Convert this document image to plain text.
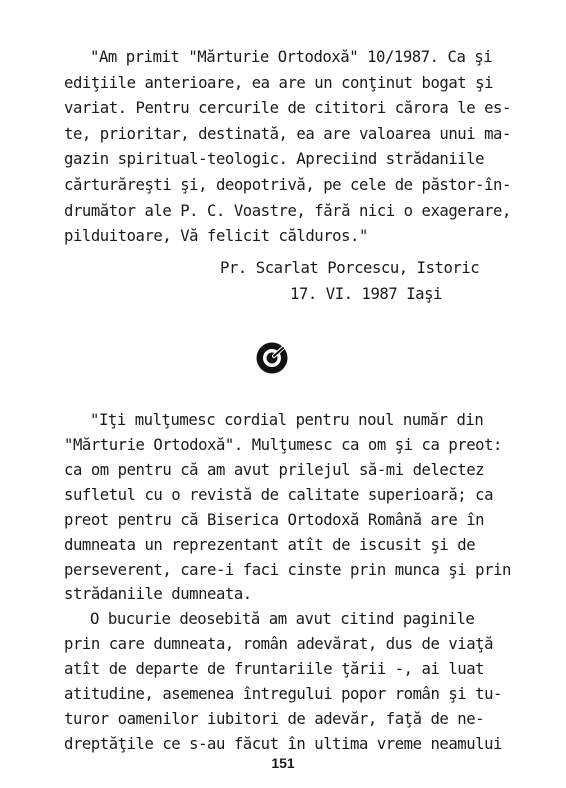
"Am primit "Mărturie Ortodoxă" 10/1987. Ca şi
ediţiile anterioare, ea are un conţinut bogat şi
variat. Pentru cercurile de cititori cărora le es-
te, prioritar, destinată, ea are valoarea unui ma-
gazin spiritual-teologic. Apreciind strădaniile
cărturăreşti şi, deopotrivă, pe cele de păstor-în-
drumător ale P. C. Voastre, fără nici o exagerare,
pilduitoare, Vă felicit călduros."
Pr. Scarlat Porcescu, Istoric
17. VI. 1987 Iaşi
"Iţi mulţumesc cordial pentru noul număr din
"Mărturie Ortodoxă". Mulţumesc ca om şi ca preot:
ca om pentru că am avut prilejul să-mi delectez
sufletul cu o revistă de calitate superioară; ca
preot pentru că Biserica Ortodoxă Română are în
dumneata un reprezentant atît de iscusit şi de
perseverent, care-i faci cinste prin munca şi prin
strădaniile dumneata.
O bucurie deosebită am avut citind paginile
prin care dumneata, român adevărat, dus de viaţă
atît de departe de fruntariile ţării -, ai luat
atitudine, asemenea întregului popor român şi tu-
turor oamenilor iubitori de adevăr, faţă de ne-
dreptăţile ce s-au făcut în ultima vreme neamului
151
